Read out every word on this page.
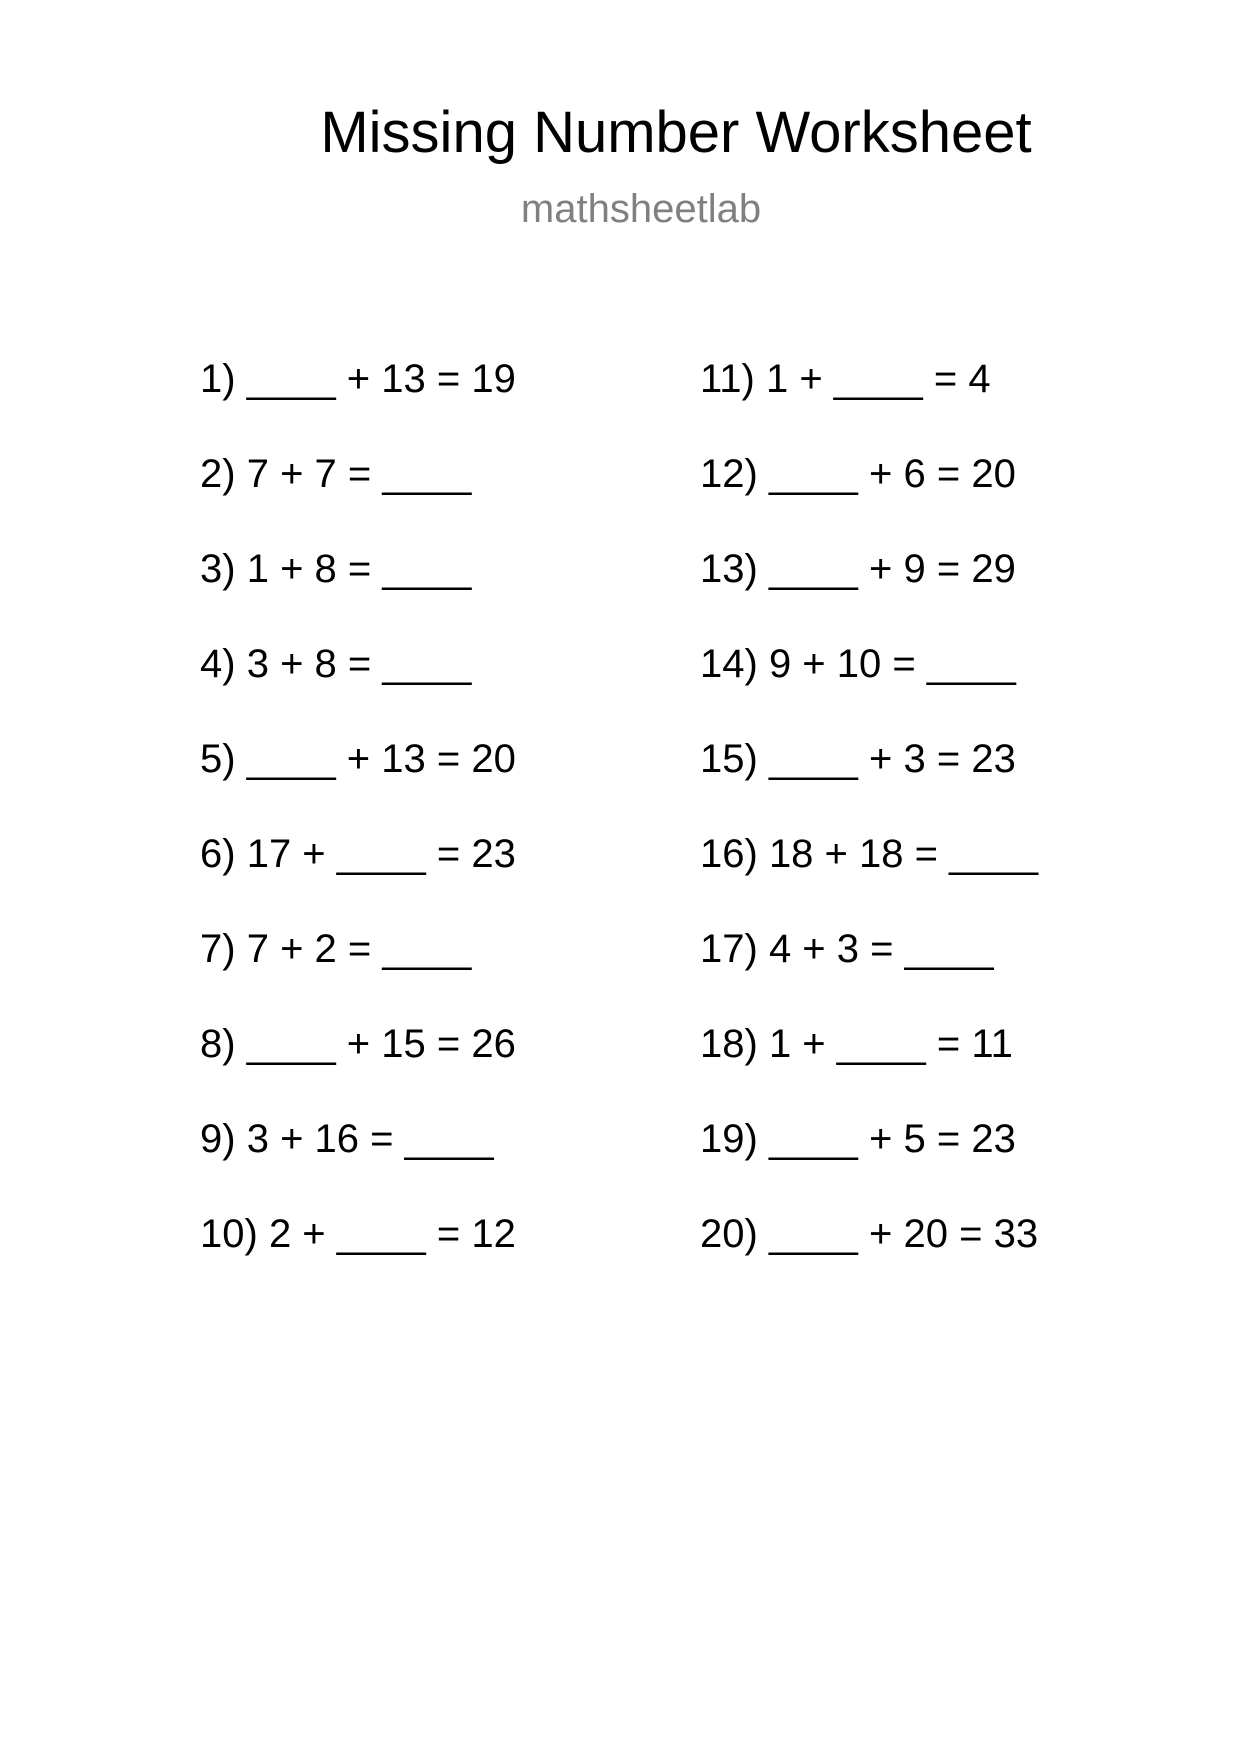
Missing Number Worksheet
mathsheetlab
1) ____ + 13 = 19
2) 7 + 7 = ____
3) 1 + 8 = ____
4) 3 + 8 = ____
5) ____ + 13 = 20
6) 17 + ____ = 23
7) 7 + 2 = ____
8) ____ + 15 = 26
9) 3 + 16 = ____
10) 2 + ____ = 12
11) 1 + ____ = 4
12) ____ + 6 = 20
13) ____ + 9 = 29
14) 9 + 10 = ____
15) ____ + 3 = 23
16) 18 + 18 = ____
17) 4 + 3 = ____
18) 1 + ____ = 11
19) ____ + 5 = 23
20) ____ + 20 = 33
